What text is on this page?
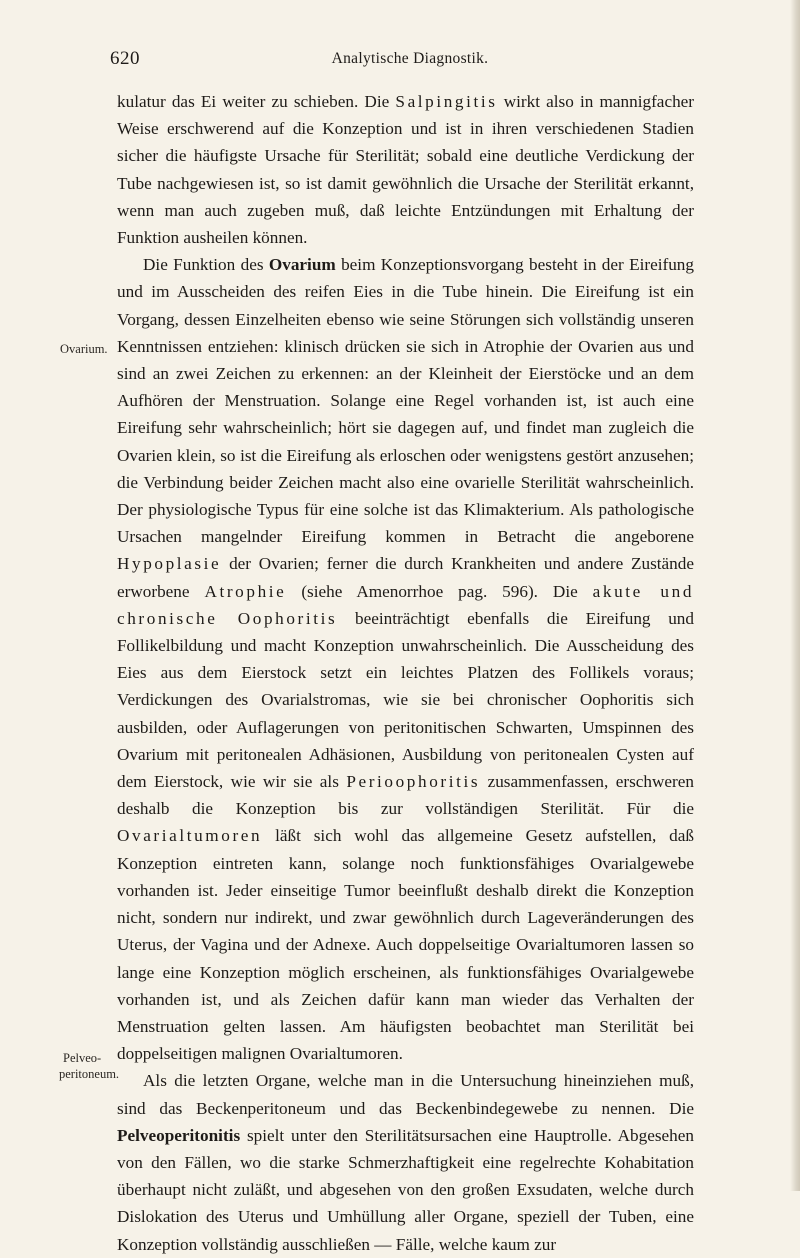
620	Analytische Diagnostik.
Ovarium.
Pelveo-
peritoneum.

kulatur das Ei weiter zu schieben. Die Salpingitis wirkt also in mannigfacher Weise erschwerend auf die Konzeption und ist in ihren verschiedenen Stadien sicher die häufigste Ursache für Sterilität; sobald eine deutliche Verdickung der Tube nachgewiesen ist, so ist damit gewöhnlich die Ursache der Sterilität erkannt, wenn man auch zugeben muß, daß leichte Entzündungen mit Erhaltung der Funktion ausheilen können.

Die Funktion des Ovarium beim Konzeptionsvorgang besteht in der Eireifung und im Ausscheiden des reifen Eies in die Tube hinein. Die Eireifung ist ein Vorgang, dessen Einzelheiten ebenso wie seine Störungen sich vollständig unseren Kenntnissen entziehen: klinisch drücken sie sich in Atrophie der Ovarien aus und sind an zwei Zeichen zu erkennen: an der Kleinheit der Eierstöcke und an dem Aufhören der Menstruation. Solange eine Regel vorhanden ist, ist auch eine Eireifung sehr wahrscheinlich; hört sie dagegen auf, und findet man zugleich die Ovarien klein, so ist die Eireifung als erloschen oder wenigstens gestört anzusehen; die Verbindung beider Zeichen macht also eine ovarielle Sterilität wahrscheinlich. Der physiologische Typus für eine solche ist das Klimakterium. Als pathologische Ursachen mangelnder Eireifung kommen in Betracht die angeborene Hypoplasie der Ovarien; ferner die durch Krankheiten und andere Zustände erworbene Atrophie (siehe Amenorrhoe pag. 596). Die akute und chronische Oophoritis beeinträchtigt ebenfalls die Eireifung und Follikelbildung und macht Konzeption unwahrscheinlich. Die Ausscheidung des Eies aus dem Eierstock setzt ein leichtes Platzen des Follikels voraus; Verdickungen des Ovarialstromas, wie sie bei chronischer Oophoritis sich ausbilden, oder Auflagerungen von peritonitischen Schwarten, Umspinnen des Ovarium mit peritonealen Adhäsionen, Ausbildung von peritonealen Cysten auf dem Eierstock, wie wir sie als Perioophoritis zusammenfassen, erschweren deshalb die Konzeption bis zur vollständigen Sterilität. Für die Ovarialtumoren läßt sich wohl das allgemeine Gesetz aufstellen, daß Konzeption eintreten kann, solange noch funktionsfähiges Ovarialgewebe vorhanden ist. Jeder einseitige Tumor beeinflußt deshalb direkt die Konzeption nicht, sondern nur indirekt, und zwar gewöhnlich durch Lageveränderungen des Uterus, der Vagina und der Adnexe. Auch doppelseitige Ovarialtumoren lassen so lange eine Konzeption möglich erscheinen, als funktionsfähiges Ovarialgewebe vorhanden ist, und als Zeichen dafür kann man wieder das Verhalten der Menstruation gelten lassen. Am häufigsten beobachtet man Sterilität bei doppelseitigen malignen Ovarialtumoren.

Als die letzten Organe, welche man in die Untersuchung hineinziehen muß, sind das Beckenperitoneum und das Beckenbindegewebe zu nennen. Die Pelveoperitonitis spielt unter den Sterilitätsursachen eine Hauptrolle. Abgesehen von den Fällen, wo die starke Schmerzhaftigkeit eine regelrechte Kohabitation überhaupt nicht zuläßt, und abgesehen von den großen Exsudaten, welche durch Dislokation des Uterus und Umhüllung aller Organe, speziell der Tuben, eine Konzeption vollständig ausschließen — Fälle, welche kaum zur
